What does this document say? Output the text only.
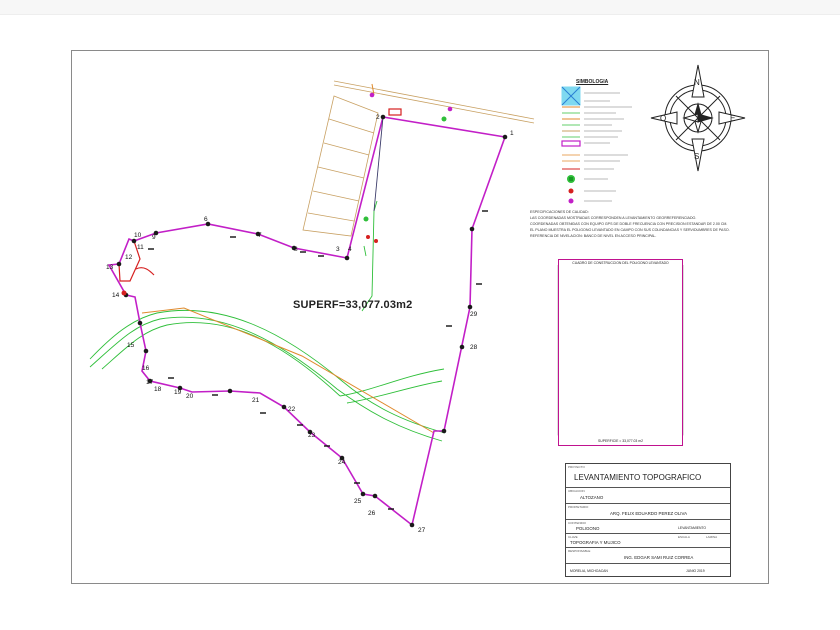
1
2
4
3
6
7
8
9
10
11
12
13
14
15
16
17
18 19
20
21
22
23
24
25
26
27
28
29
N
S
O	E
SUPERF=33,077.03m2
SIMBOLOGIA
ESPECIFICACIONES DE CALIDAD:
LAS COORDENADAS MOSTRADAS CORRESPONDEN A LEVANTAMIENTO GEORREFERENCIADO.
COORDENADAS OBTENIDAS CON EQUIPO GPS DE DOBLE FRECUENCIA CON PRECISION ESTANDAR DE 2.00 CM.
EL PLANO MUESTRA EL POLIGONO LEVANTADO EN CAMPO CON SUS COLINDANCIAS Y SERVIDUMBRES DE PASO.
REFERENCIA DE NIVELACION: BANCO DE NIVEL EN ACCESO PRINCIPAL.
CUADRO DE CONSTRUCCION DEL POLIGONO LEVANTADO
SUPERFICIE = 33,077.03 m2
PROYECTO
LEVANTAMIENTO TOPOGRAFICO
UBICACION
ALTOZANO
PROPIETARIO
ARQ. FELIX EDUARDO PEREZ OLIVA
CONTENIDO
POLIGONO	LEVANTAMIENTO
CLAVE
TOPOGRAFIA Y MUJICO
ESCALA	LAMINA
RESPONSABLE
ING. EDGAR SAMI RUIZ CORREA
MORELIA, MICHOACAN	JUNIO 2019
